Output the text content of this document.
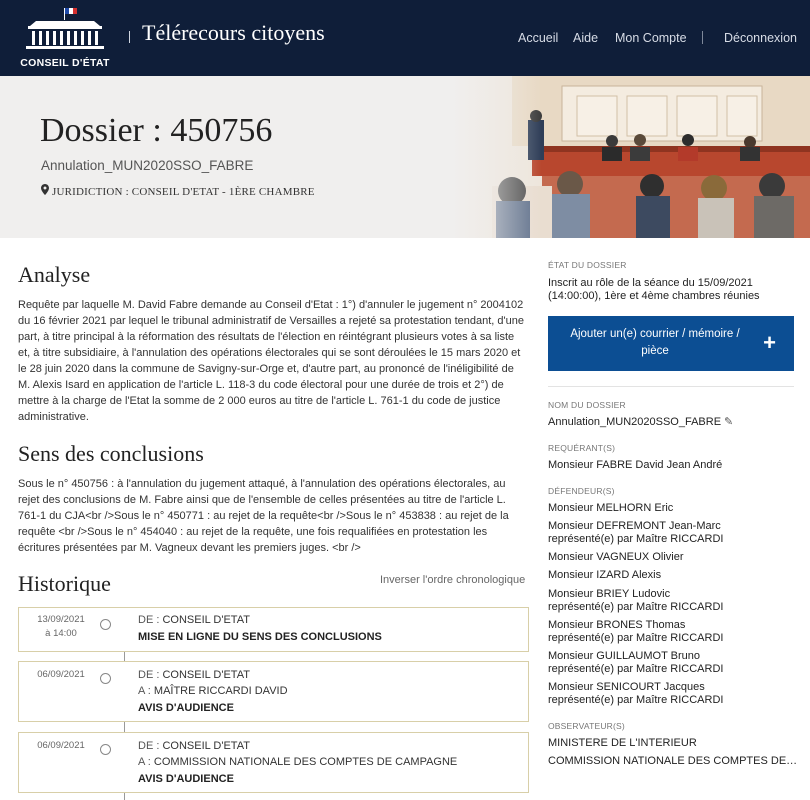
CONSEIL D'ÉTAT
Télérecours citoyens	Accueil Aide Mon Compte	Déconnexion
Dossier : 450756
Annulation_MUN2020SSO_FABRE
JURIDICTION : CONSEIL D'ETAT - 1ÈRE CHAMBRE
Analyse
Requête par laquelle M. David Fabre demande au Conseil d'Etat : 1°) d'annuler le jugement n° 2004102 du 16 février 2021 par lequel le tribunal administratif de Versailles a rejeté sa protestation tendant, d'une part, à titre principal à la réformation des résultats de l'élection en réintégrant plusieurs votes à sa liste et, à titre subsidiaire, à l'annulation des opérations électorales qui se sont déroulées le 15 mars 2020 et le 28 juin 2020 dans la commune de Savigny-sur-Orge et, d'autre part, au prononcé de l'inéligibilité de M. Alexis Isard en application de l'article L. 118-3 du code électoral pour une durée de trois et 2°) de mettre à la charge de l'Etat la somme de 2 000 euros au titre de l'article L. 761-1 du code de justice administrative.
Sens des conclusions
Sous le n° 450756 : à l'annulation du jugement attaqué, à l'annulation des opérations électorales, au rejet des conclusions de M. Fabre ainsi que de l'ensemble de celles présentées au titre de l'article L. 761-1 du CJA<br />Sous le n° 450771 : au rejet de la requête<br />Sous le n° 453838 : au rejet de la requête <br />Sous le n° 454040 : au rejet de la requête, une fois requalifiées en protestation les écritures présentées par M. Vagneux devant les premiers juges. <br />
Historique	Inverser l'ordre chronologique
13/09/2021
à 14:00
DE : CONSEIL D'ETAT
MISE EN LIGNE DU SENS DES CONCLUSIONS
06/09/2021	DE : CONSEIL D'ETAT
A : MAÎTRE RICCARDI DAVID
AVIS D'AUDIENCE
06/09/2021	DE : CONSEIL D'ETAT
A : COMMISSION NATIONALE DES COMPTES DE CAMPAGNE
AVIS D'AUDIENCE
ÉTAT DU DOSSIER
Inscrit au rôle de la séance du 15/09/2021 (14:00:00), 1ère et 4ème chambres réunies
Ajouter un(e) courrier / mémoire / pièce	+
NOM DU DOSSIER
Annulation_MUN2020SSO_FABRE ✎
REQUÉRANT(S)
Monsieur FABRE David Jean André
DÉFENDEUR(S)
Monsieur MELHORN Eric
Monsieur DEFREMONT Jean-Marc
représenté(e) par Maître RICCARDI
Monsieur VAGNEUX Olivier
Monsieur IZARD Alexis
Monsieur BRIEY Ludovic
représenté(e) par Maître RICCARDI
Monsieur BRONES Thomas
représenté(e) par Maître RICCARDI
Monsieur GUILLAUMOT Bruno
représenté(e) par Maître RICCARDI
Monsieur SENICOURT Jacques
représenté(e) par Maître RICCARDI
OBSERVATEUR(S)
MINISTERE DE L'INTERIEUR
COMMISSION NATIONALE DES COMPTES DE ...
